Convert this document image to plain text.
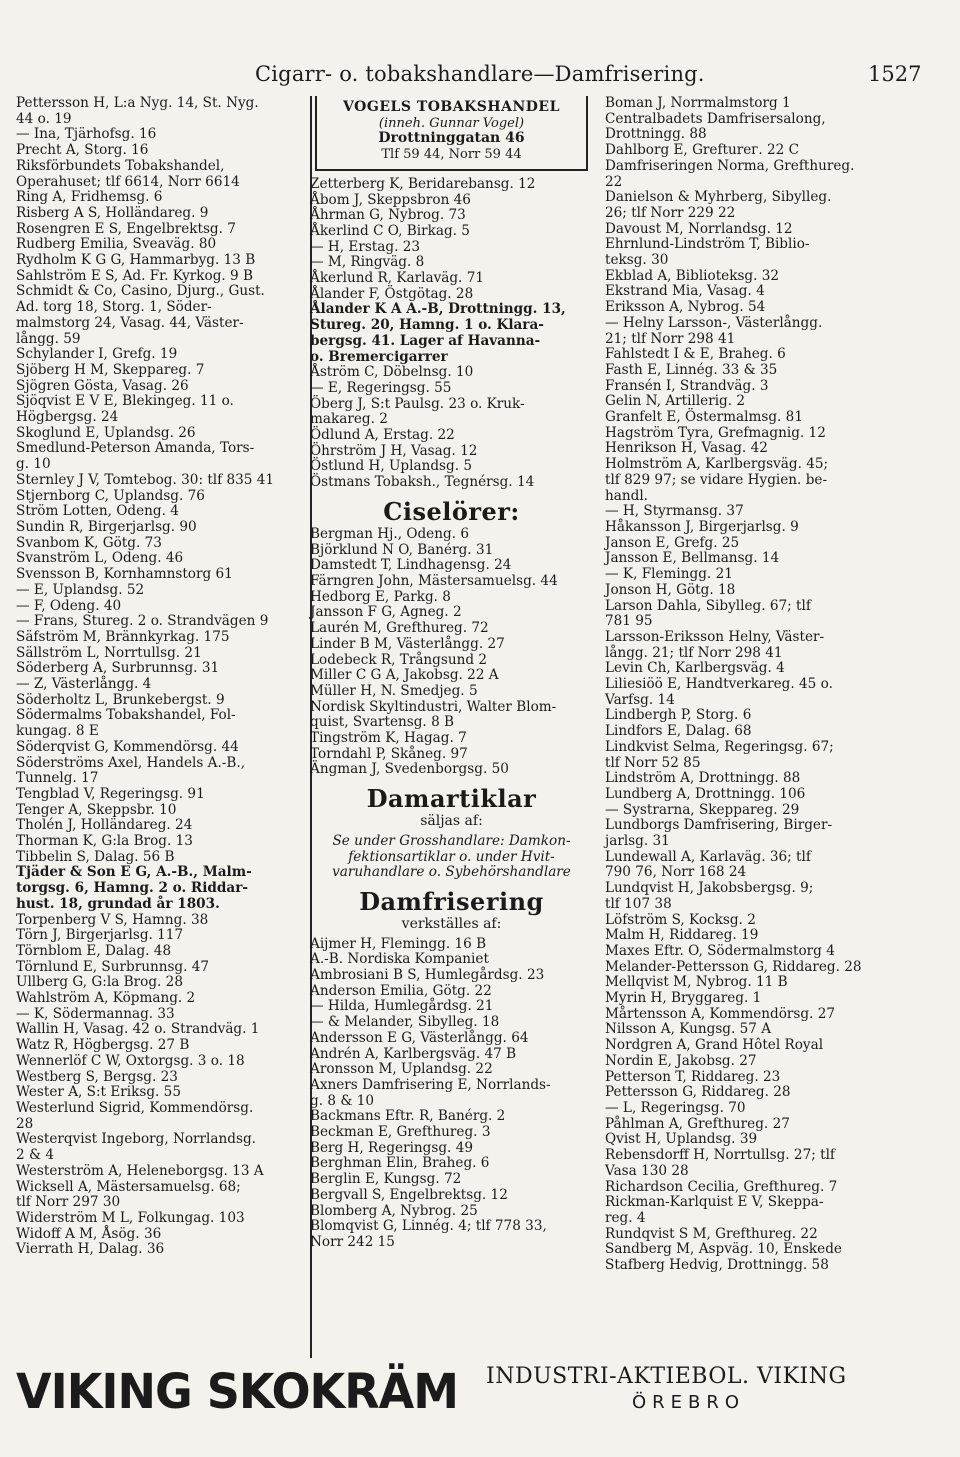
Cigarr- o. tobakshandlare—Damfrisering.	1527
Pettersson H, L:a Nyg. 14, St. Nyg.
44 o. 19
— Ina, Tjärhofsg. 16
Precht A, Storg. 16
Riksförbundets Tobakshandel,
Operahuset; tlf 6614, Norr 6614
Ring A, Fridhemsg. 6
Risberg A S, Holländareg. 9
Rosengren E S, Engelbrektsg. 7
Rudberg Emilia, Sveaväg. 80
Rydholm K G G, Hammarbyg. 13 B
Sahlström E S, Ad. Fr. Kyrkog. 9 B
Schmidt & Co, Casino, Djurg., Gust.
Ad. torg 18, Storg. 1, Söder-
malmstorg 24, Vasag. 44, Väster-
långg. 59
Schylander I, Grefg. 19
Sjöberg H M, Skeppareg. 7
Sjögren Gösta, Vasag. 26
Sjöqvist E V E, Blekingeg. 11 o.
Högbergsg. 24
Skoglund E, Uplandsg. 26
Smedlund-Peterson Amanda, Tors-
g. 10
Sternley J V, Tomtebog. 30: tlf 835 41
Stjernborg C, Uplandsg. 76
Ström Lotten, Odeng. 4
Sundin R, Birgerjarlsg. 90
Svanbom K, Götg. 73
Svanström L, Odeng. 46
Svensson B, Kornhamnstorg 61
— E, Uplandsg. 52
— F, Odeng. 40
— Frans, Stureg. 2 o. Strandvägen 9
Säfström M, Brännkyrkag. 175
Sällström L, Norrtullsg. 21
Söderberg A, Surbrunnsg. 31
— Z, Västerlångg. 4
Söderholtz L, Brunkebergst. 9
Södermalms Tobakshandel, Fol-
kungag. 8 E
Söderqvist G, Kommendörsg. 44
Söderströms Axel, Handels A.-B.,
Tunnelg. 17
Tengblad V, Regeringsg. 91
Tenger A, Skeppsbr. 10
Tholén J, Holländareg. 24
Thorman K, G:la Brog. 13
Tibbelin S, Dalag. 56 B
Tjäder & Son E G, A.-B., Malm-
torgsg. 6, Hamng. 2 o. Riddar-
hust. 18, grundad år 1803.
Torpenberg V S, Hamng. 38
Törn J, Birgerjarlsg. 117
Törnblom E, Dalag. 48
Törnlund E, Surbrunnsg. 47
Ullberg G, G:la Brog. 28
Wahlström A, Köpmang. 2
— K, Södermannag. 33
Wallin H, Vasag. 42 o. Strandväg. 1
Watz R, Högbergsg. 27 B
Wennerlöf C W, Oxtorgsg. 3 o. 18
Westberg S, Bergsg. 23
Wester A, S:t Eriksg. 55
Westerlund Sigrid, Kommendörsg.
28
Westerqvist Ingeborg, Norrlandsg.
2 & 4
Westerström A, Heleneborgsg. 13 A
Wicksell A, Mästersamuelsg. 68;
tlf Norr 297 30
Widerström M L, Folkungag. 103
Widoff A M, Åsög. 36
Vierrath H, Dalag. 36
VOGELS TOBAKSHANDEL
(inneh. Gunnar Vogel)
Drottninggatan 46
Tlf 59 44, Norr 59 44
Zetterberg K, Beridarebansg. 12
Åbom J, Skeppsbron 46
Åhrman G, Nybrog. 73
Åkerlind C O, Birkag. 5
— H, Erstag. 23
— M, Ringväg. 8
Åkerlund R, Karlaväg. 71
Ålander F, Östgötag. 28
Ålander K A A.-B, Drottningg. 13,
Stureg. 20, Hamng. 1 o. Klara-
bergsg. 41. Lager af Havanna-
o. Bremercigarrer
Åström C, Döbelnsg. 10
— E, Regeringsg. 55
Öberg J, S:t Paulsg. 23 o. Kruk-
makareg. 2
Ödlund A, Erstag. 22
Öhrström J H, Vasag. 12
Östlund H, Uplandsg. 5
Östmans Tobaksh., Tegnérsg. 14
Ciselörer:
Bergman Hj., Odeng. 6
Björklund N O, Banérg. 31
Damstedt T, Lindhagensg. 24
Färngren John, Mästersamuelsg. 44
Hedborg E, Parkg. 8
Jansson F G, Agneg. 2
Laurén M, Grefthureg. 72
Linder B M, Västerlångg. 27
Lodebeck R, Trångsund 2
Miller C G A, Jakobsg. 22 A
Müller H, N. Smedjeg. 5
Nordisk Skyltindustri, Walter Blom-
quist, Svartensg. 8 B
Tingström K, Hagag. 7
Torndahl P, Skåneg. 97
Ängman J, Svedenborgsg. 50
Damartiklar
säljas af:
Se under Grosshandlare: Damkon-
fektionsartiklar o. under Hvit-
varuhandlare o. Sybehörshandlare
Damfrisering
verkställes af:
Aijmer H, Flemingg. 16 B
A.-B. Nordiska Kompaniet
Ambrosiani B S, Humlegårdsg. 23
Anderson Emilia, Götg. 22
— Hilda, Humlegårdsg. 21
— & Melander, Sibylleg. 18
Andersson E G, Västerlångg. 64
Andrén A, Karlbergsväg. 47 B
Aronsson M, Uplandsg. 22
Axners Damfrisering E, Norrlands-
g. 8 & 10
Backmans Eftr. R, Banérg. 2
Beckman E, Grefthureg. 3
Berg H, Regeringsg. 49
Berghman Elin, Braheg. 6
Berglin E, Kungsg. 72
Bergvall S, Engelbrektsg. 12
Blomberg A, Nybrog. 25
Blomqvist G, Linnég. 4; tlf 778 33,
Norr 242 15
Boman J, Norrmalmstorg 1
Centralbadets Damfrisersalong,
Drottningg. 88
Dahlborg E, Grefturег. 22 C
Damfriseringen Norma, Grefthureg.
22
Danielson & Myhrberg, Sibylleg.
26; tlf Norr 229 22
Davoust M, Norrlandsg. 12
Ehrnlund-Lindström T, Biblio-
teksg. 30
Ekblad A, Biblioteksg. 32
Ekstrand Mia, Vasag. 4
Eriksson A, Nybrog. 54
— Helny Larsson-, Västerlångg.
21; tlf Norr 298 41
Fahlstedt I & E, Braheg. 6
Fasth E, Linnég. 33 & 35
Fransén I, Strandväg. 3
Gelin N, Artillerig. 2
Granfelt E, Östermalmsg. 81
Hagström Tyra, Grefmagnig. 12
Henrikson H, Vasag. 42
Holmström A, Karlbergsväg. 45;
tlf 829 97; se vidare Hygien. be-
handl.
— H, Styrmansg. 37
Håkansson J, Birgerjarlsg. 9
Janson E, Grefg. 25
Jansson E, Bellmansg. 14
— K, Flemingg. 21
Jonson H, Götg. 18
Larson Dahla, Sibylleg. 67; tlf
781 95
Larsson-Eriksson Helny, Väster-
långg. 21; tlf Norr 298 41
Levin Ch, Karlbergsväg. 4
Liliesiöö E, Handtverkareg. 45 o.
Varfsg. 14
Lindbergh P, Storg. 6
Lindfors E, Dalag. 68
Lindkvist Selma, Regeringsg. 67;
tlf Norr 52 85
Lindström A, Drottningg. 88
Lundberg A, Drottningg. 106
— Systrarna, Skeppareg. 29
Lundborgs Damfrisering, Birger-
jarlsg. 31
Lundewall A, Karlaväg. 36; tlf
790 76, Norr 168 24
Lundqvist H, Jakobsbergsg. 9;
tlf 107 38
Löfström S, Kocksg. 2
Malm H, Riddareg. 19
Maxes Eftr. O, Södermalmstorg 4
Melander-Pettersson G, Riddareg. 28
Mellqvist M, Nybrog. 11 B
Myrin H, Bryggareg. 1
Mårtensson A, Kommendörsg. 27
Nilsson A, Kungsg. 57 A
Nordgren A, Grand Hôtel Royal
Nordin E, Jakobsg. 27
Petterson T, Riddareg. 23
Pettersson G, Riddareg. 28
— L, Regeringsg. 70
Påhlman A, Grefthureg. 27
Qvist H, Uplandsg. 39
Rebensdorff H, Norrtullsg. 27; tlf
Vasa 130 28
Richardson Cecilia, Grefthureg. 7
Rickman-Karlquist E V, Skeppa-
reg. 4
Rundqvist S M, Grefthureg. 22
Sandberg M, Aspväg. 10, Enskede
Stafberg Hedvig, Drottningg. 58
VIKING SKOKRÄM INDUSTRI-AKTIEBOL. VIKING
ÖREBRO
